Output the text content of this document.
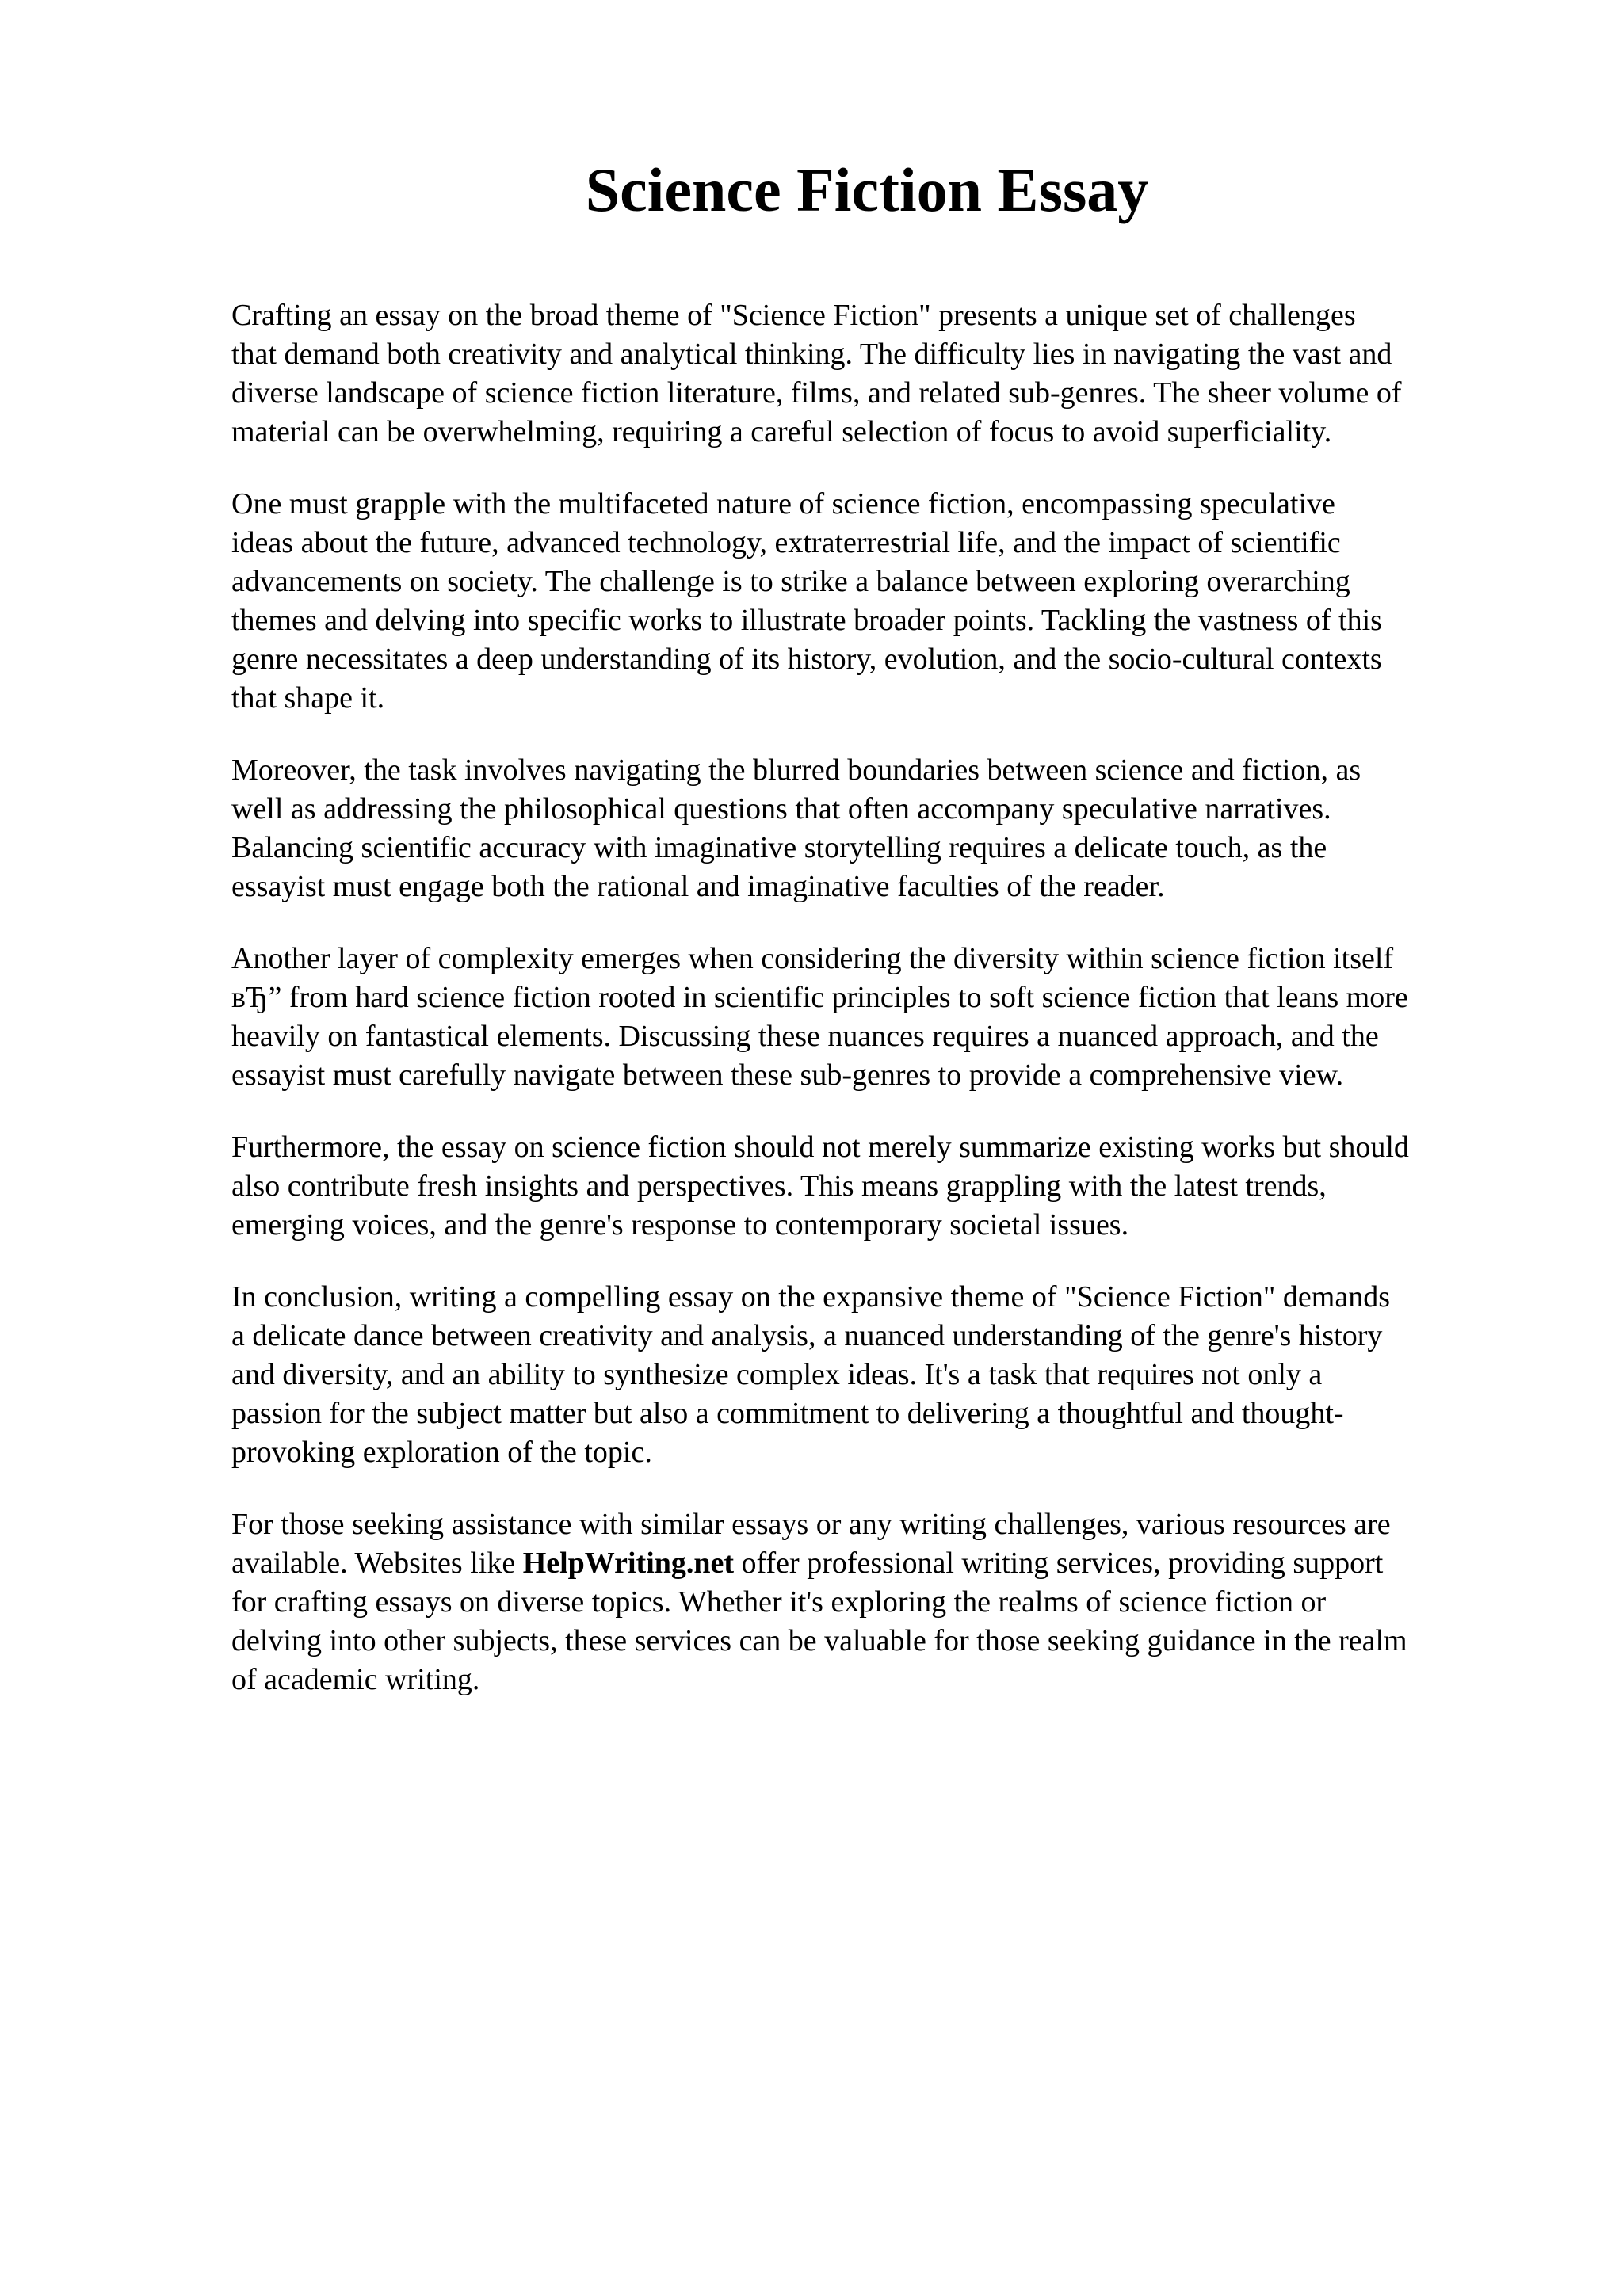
Science Fiction Essay

Crafting an essay on the broad theme of "Science Fiction" presents a unique set of challenges
that demand both creativity and analytical thinking. The difficulty lies in navigating the vast and
diverse landscape of science fiction literature, films, and related sub-genres. The sheer volume of
material can be overwhelming, requiring a careful selection of focus to avoid superficiality.

One must grapple with the multifaceted nature of science fiction, encompassing speculative
ideas about the future, advanced technology, extraterrestrial life, and the impact of scientific
advancements on society. The challenge is to strike a balance between exploring overarching
themes and delving into specific works to illustrate broader points. Tackling the vastness of this
genre necessitates a deep understanding of its history, evolution, and the socio-cultural contexts
that shape it.

Moreover, the task involves navigating the blurred boundaries between science and fiction, as
well as addressing the philosophical questions that often accompany speculative narratives.
Balancing scientific accuracy with imaginative storytelling requires a delicate touch, as the
essayist must engage both the rational and imaginative faculties of the reader.

Another layer of complexity emerges when considering the diversity within science fiction itself
вЂ” from hard science fiction rooted in scientific principles to soft science fiction that leans more
heavily on fantastical elements. Discussing these nuances requires a nuanced approach, and the
essayist must carefully navigate between these sub-genres to provide a comprehensive view.

Furthermore, the essay on science fiction should not merely summarize existing works but should
also contribute fresh insights and perspectives. This means grappling with the latest trends,
emerging voices, and the genre's response to contemporary societal issues.

In conclusion, writing a compelling essay on the expansive theme of "Science Fiction" demands
a delicate dance between creativity and analysis, a nuanced understanding of the genre's history
and diversity, and an ability to synthesize complex ideas. It's a task that requires not only a
passion for the subject matter but also a commitment to delivering a thoughtful and thought-
provoking exploration of the topic.

For those seeking assistance with similar essays or any writing challenges, various resources are
available. Websites like HelpWriting.net offer professional writing services, providing support
for crafting essays on diverse topics. Whether it's exploring the realms of science fiction or
delving into other subjects, these services can be valuable for those seeking guidance in the realm
of academic writing.
